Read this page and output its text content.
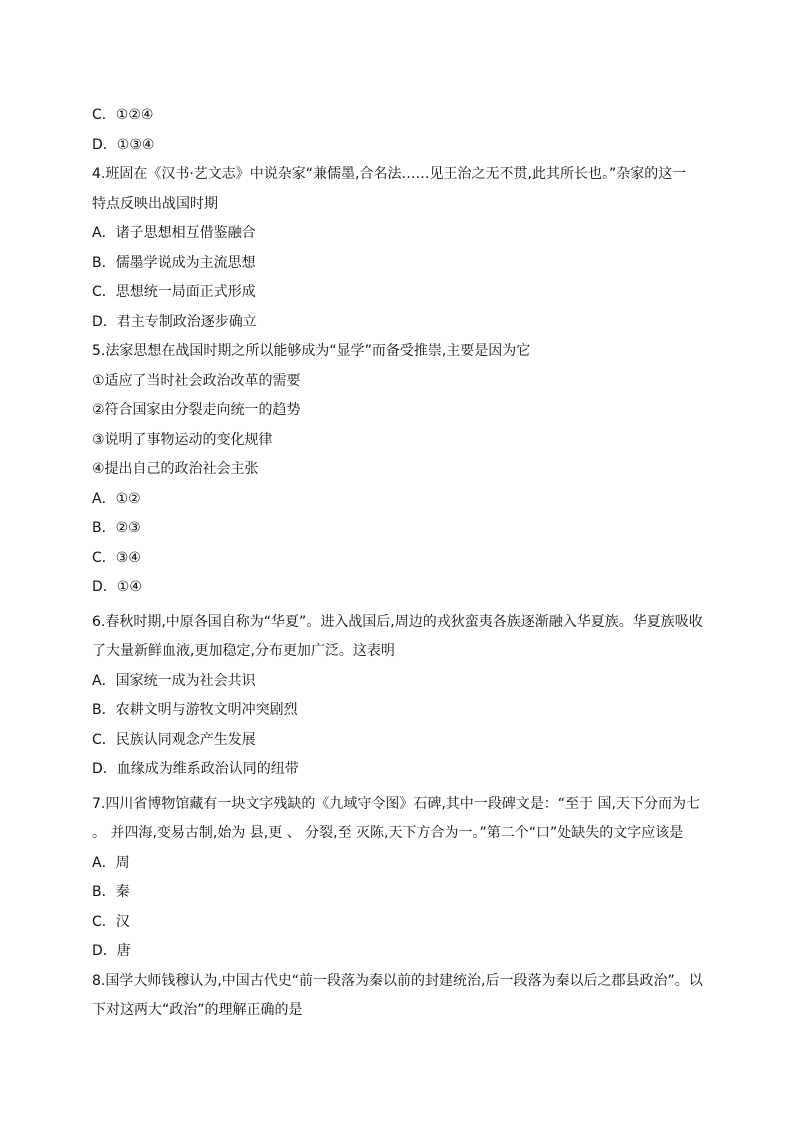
C．①②④
D．①③④
4.班固在《汉书·艺文志》中说杂家“兼儒墨,合名法……见王治之无不贯,此其所长也。”杂家的这一
特点反映出战国时期
A．诸子思想相互借鉴融合
B．儒墨学说成为主流思想
C．思想统一局面正式形成
D．君主专制政治逐步确立
5.法家思想在战国时期之所以能够成为“显学”而备受推崇,主要是因为它
①适应了当时社会政治改革的需要
②符合国家由分裂走向统一的趋势
③说明了事物运动的变化规律
④提出自己的政治社会主张
A．①②
B．②③
C．③④
D．①④
6.春秋时期,中原各国自称为“华夏”。进入战国后,周边的戎狄蛮夷各族逐渐融入华夏族。华夏族吸收
了大量新鲜血液,更加稳定,分布更加广泛。这表明
A．国家统一成为社会共识
B．农耕文明与游牧文明冲突剧烈
C．民族认同观念产生发展
D．血缘成为维系政治认同的纽带
7.四川省博物馆藏有一块文字残缺的《九域守令图》石碑,其中一段碑文是：“至于 国,天下分而为七
。 并四海,变易古制,始为 县,更 、 分裂,至 灭陈,天下方合为一。”第二个“口”处缺失的文字应该是
A．周
B．秦
C．汉
D．唐
8.国学大师钱穆认为,中国古代史“前一段落为秦以前的封建统治,后一段落为秦以后之郡县政治”。以
下对这两大“政治”的理解正确的是
